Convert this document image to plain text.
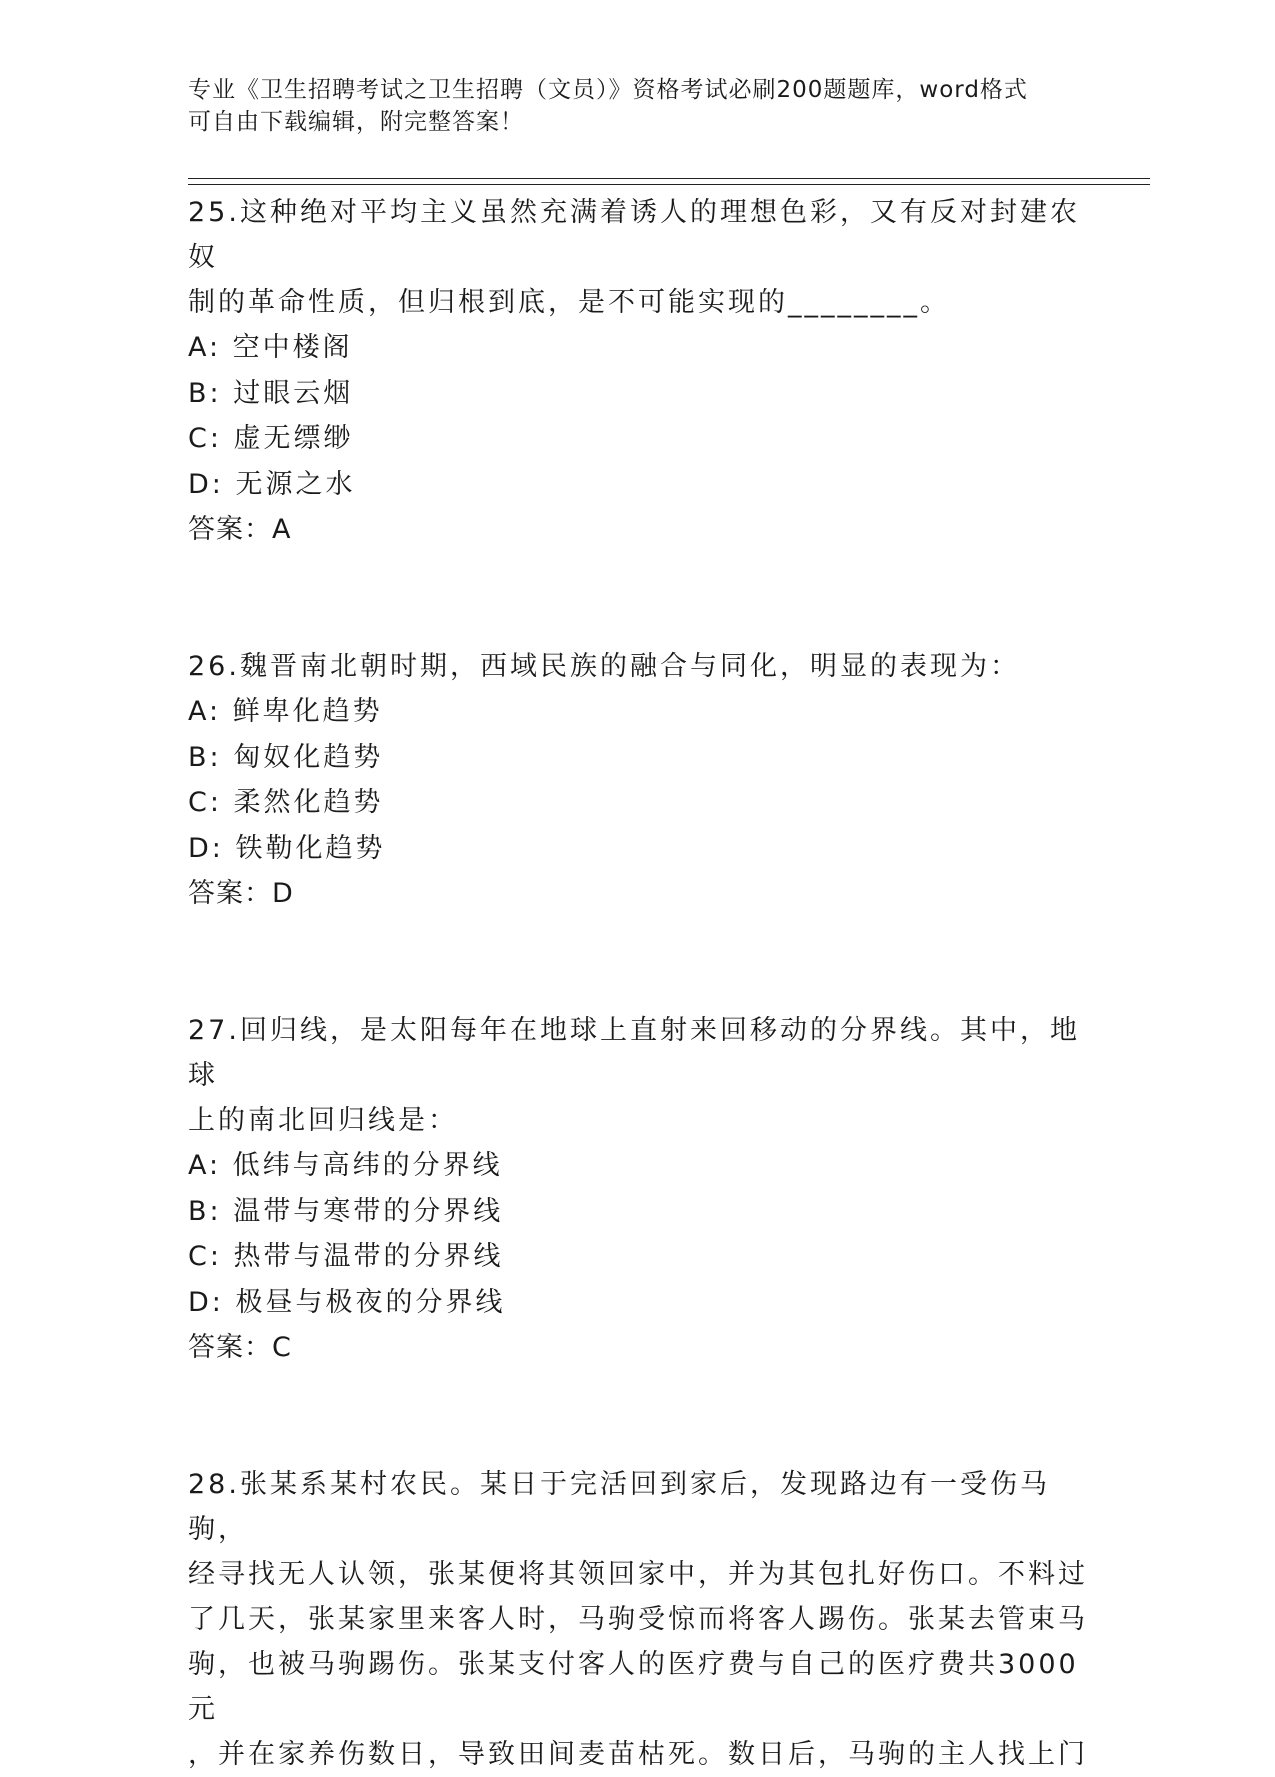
专业《卫生招聘考试之卫生招聘（文员）》资格考试必刷200题题库，word格式
可自由下载编辑，附完整答案！

25.这种绝对平均主义虽然充满着诱人的理想色彩，又有反对封建农奴

制的革命性质，但归根到底，是不可能实现的________。

A: 空中楼阁

B: 过眼云烟

C: 虚无缥缈

D: 无源之水

答案：A

26.魏晋南北朝时期，西域民族的融合与同化，明显的表现为：

A: 鲜卑化趋势

B: 匈奴化趋势

C: 柔然化趋势

D: 铁勒化趋势

答案：D

27.回归线，是太阳每年在地球上直射来回移动的分界线。其中，地球

上的南北回归线是：

A: 低纬与高纬的分界线

B: 温带与寒带的分界线

C: 热带与温带的分界线

D: 极昼与极夜的分界线

答案：C

28.张某系某村农民。某日于完活回到家后，发现路边有一受伤马驹，

经寻找无人认领，张某便将其领回家中，并为其包扎好伤口。不料过

了几天，张某家里来客人时，马驹受惊而将客人踢伤。张某去管束马

驹，也被马驹踢伤。张某支付客人的医疗费与自己的医疗费共3000元

，并在家养伤数日，导致田间麦苗枯死。数日后，马驹的主人找上门
